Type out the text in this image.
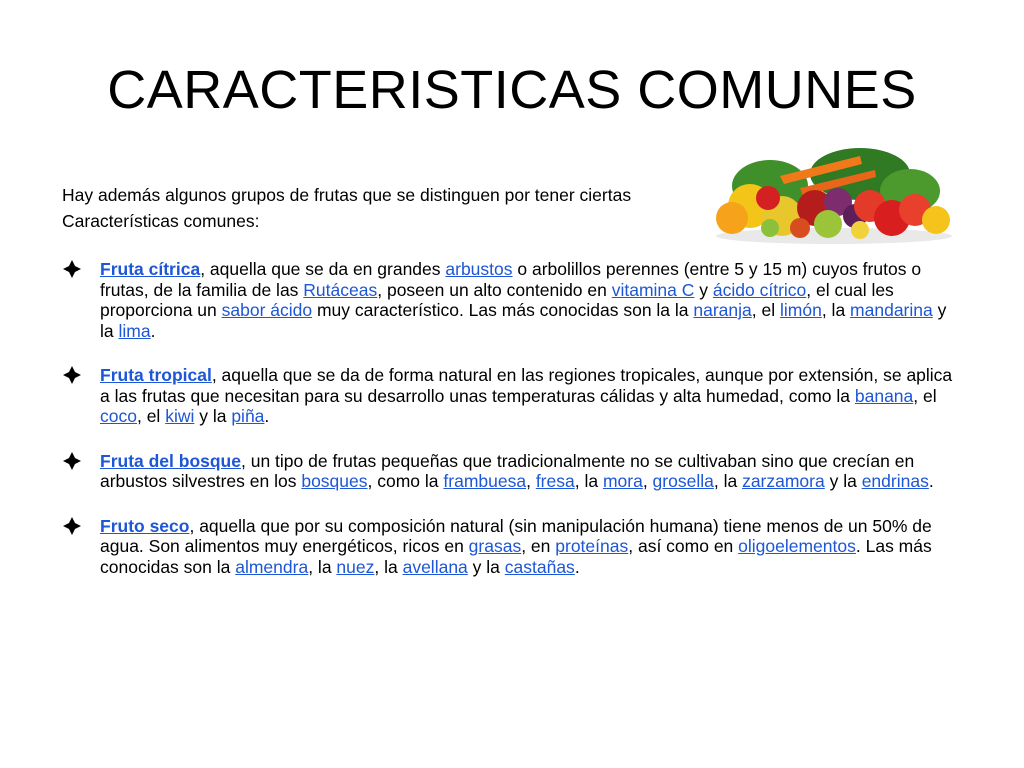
CARACTERISTICAS COMUNES

Hay además algunos grupos de frutas que se distinguen por tener ciertas

Características comunes:

Fruta cítrica, aquella que se da en grandes arbustos o arbolillos perennes (entre 5 y 15 m) cuyos frutos o frutas, de la familia de las Rutáceas, poseen un alto contenido en vitamina C y ácido cítrico, el cual les proporciona un sabor ácido muy característico. Las más conocidas son la la naranja, el limón, la mandarina y la lima.
Fruta tropical, aquella que se da de forma natural en las regiones tropicales, aunque por extensión, se aplica a las frutas que necesitan para su desarrollo unas temperaturas cálidas y alta humedad, como la banana, el coco, el kiwi y la piña.
Fruta del bosque, un tipo de frutas pequeñas que tradicionalmente no se cultivaban sino que crecían en arbustos silvestres en los bosques, como la frambuesa, fresa, la mora, grosella, la zarzamora y la endrinas.
Fruto seco, aquella que por su composición natural (sin manipulación humana) tiene menos de un 50% de agua. Son alimentos muy energéticos, ricos en grasas, en proteínas, así como en oligoelementos. Las más conocidas son la almendra, la nuez, la avellana y la castañas.
